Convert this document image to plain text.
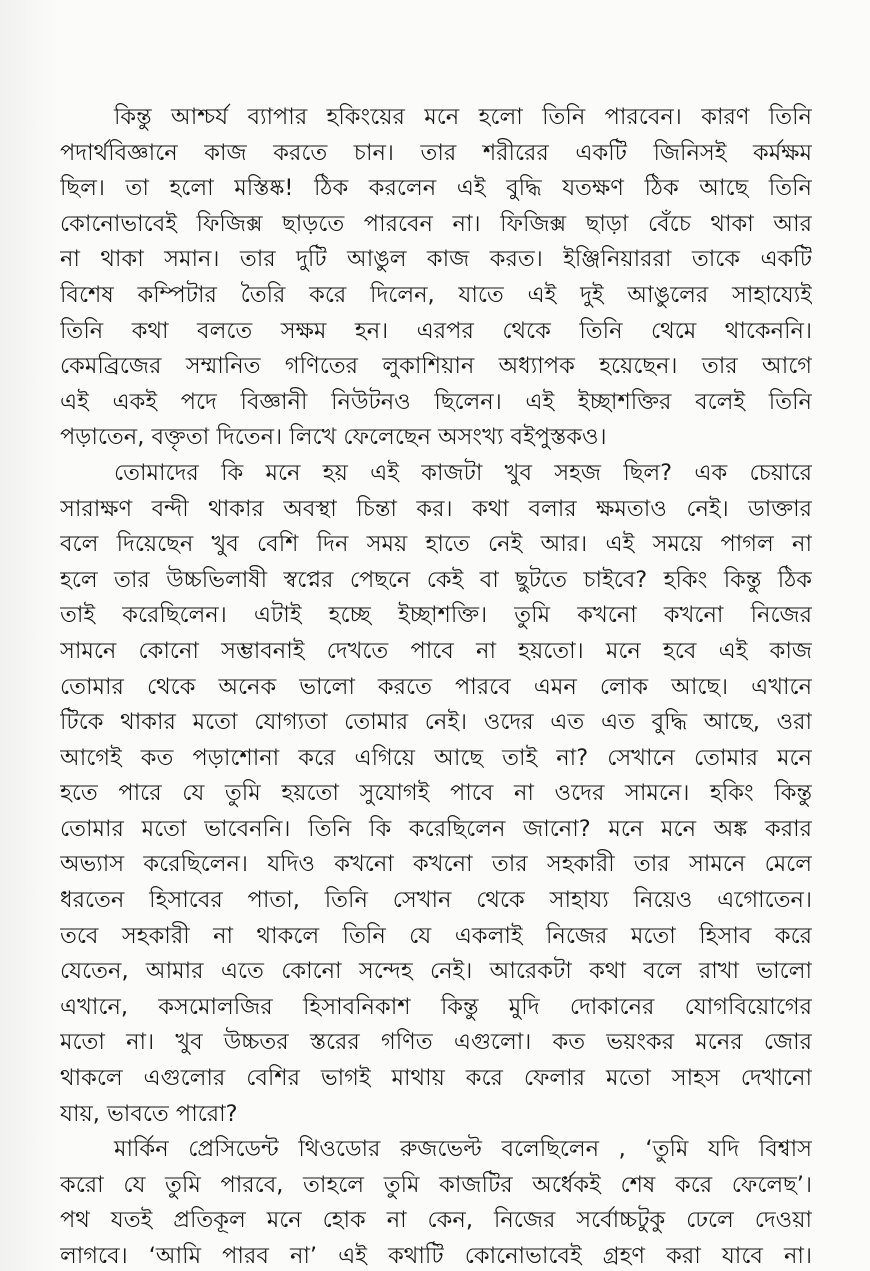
কিন্তু আশ্চর্য ব্যাপার হকিংয়ের মনে হলো তিনি পারবেন। কারণ তিনি
পদার্থবিজ্ঞানে কাজ করতে চান। তার শরীরের একটি জিনিসই কর্মক্ষম
ছিল। তা হলো মস্তিষ্ক! ঠিক করলেন এই বুদ্ধি যতক্ষণ ঠিক আছে তিনি
কোনোভাবেই ফিজিক্স ছাড়তে পারবেন না। ফিজিক্স ছাড়া বেঁচে থাকা আর
না থাকা সমান। তার দুটি আঙুল কাজ করত। ইঞ্জিনিয়াররা তাকে একটি
বিশেষ কম্পিটার তৈরি করে দিলেন, যাতে এই দুই আঙুলের সাহায্যেই
তিনি কথা বলতে সক্ষম হন। এরপর থেকে তিনি থেমে থাকেননি।
কেমব্রিজের সম্মানিত গণিতের লুকাশিয়ান অধ্যাপক হয়েছেন। তার আগে
এই একই পদে বিজ্ঞানী নিউটনও ছিলেন। এই ইচ্ছাশক্তির বলেই তিনি
পড়াতেন, বক্তৃতা দিতেন। লিখে ফেলেছেন অসংখ্য বইপুস্তকও।
তোমাদের কি মনে হয় এই কাজটা খুব সহজ ছিল? এক চেয়ারে
সারাক্ষণ বন্দী থাকার অবস্থা চিন্তা কর। কথা বলার ক্ষমতাও নেই। ডাক্তার
বলে দিয়েছেন খুব বেশি দিন সময় হাতে নেই আর। এই সময়ে পাগল না
হলে তার উচ্চভিলাষী স্বপ্নের পেছনে কেই বা ছুটতে চাইবে? হকিং কিন্তু ঠিক
তাই করেছিলেন। এটাই হচ্ছে ইচ্ছাশক্তি। তুমি কখনো কখনো নিজের
সামনে কোনো সম্ভাবনাই দেখতে পাবে না হয়তো। মনে হবে এই কাজ
তোমার থেকে অনেক ভালো করতে পারবে এমন লোক আছে। এখানে
টিকে থাকার মতো যোগ্যতা তোমার নেই। ওদের এত এত বুদ্ধি আছে, ওরা
আগেই কত পড়াশোনা করে এগিয়ে আছে তাই না? সেখানে তোমার মনে
হতে পারে যে তুমি হয়তো সুযোগই পাবে না ওদের সামনে। হকিং কিন্তু
তোমার মতো ভাবেননি। তিনি কি করেছিলেন জানো? মনে মনে অঙ্ক করার
অভ্যাস করেছিলেন। যদিও কখনো কখনো তার সহকারী তার সামনে মেলে
ধরতেন হিসাবের পাতা, তিনি সেখান থেকে সাহায্য নিয়েও এগোতেন।
তবে সহকারী না থাকলে তিনি যে একলাই নিজের মতো হিসাব করে
যেতেন, আমার এতে কোনো সন্দেহ নেই। আরেকটা কথা বলে রাখা ভালো
এখানে, কসমোলজির হিসাবনিকাশ কিন্তু মুদি দোকানের যোগবিয়োগের
মতো না। খুব উচ্চতর স্তরের গণিত এগুলো। কত ভয়ংকর মনের জোর
থাকলে এগুলোর বেশির ভাগই মাথায় করে ফেলার মতো সাহস দেখানো
যায়, ভাবতে পারো?
মার্কিন প্রেসিডেন্ট থিওডোর রুজভেল্ট বলেছিলেন , ‘তুমি যদি বিশ্বাস
করো যে তুমি পারবে, তাহলে তুমি কাজটির অর্ধেকই শেষ করে ফেলেছ’।
পথ যতই প্রতিকূল মনে হোক না কেন, নিজের সর্বোচ্চটুকু ঢেলে দেওয়া
লাগবে। ‘আমি পারব না’ এই কথাটি কোনোভাবেই গ্রহণ করা যাবে না।
